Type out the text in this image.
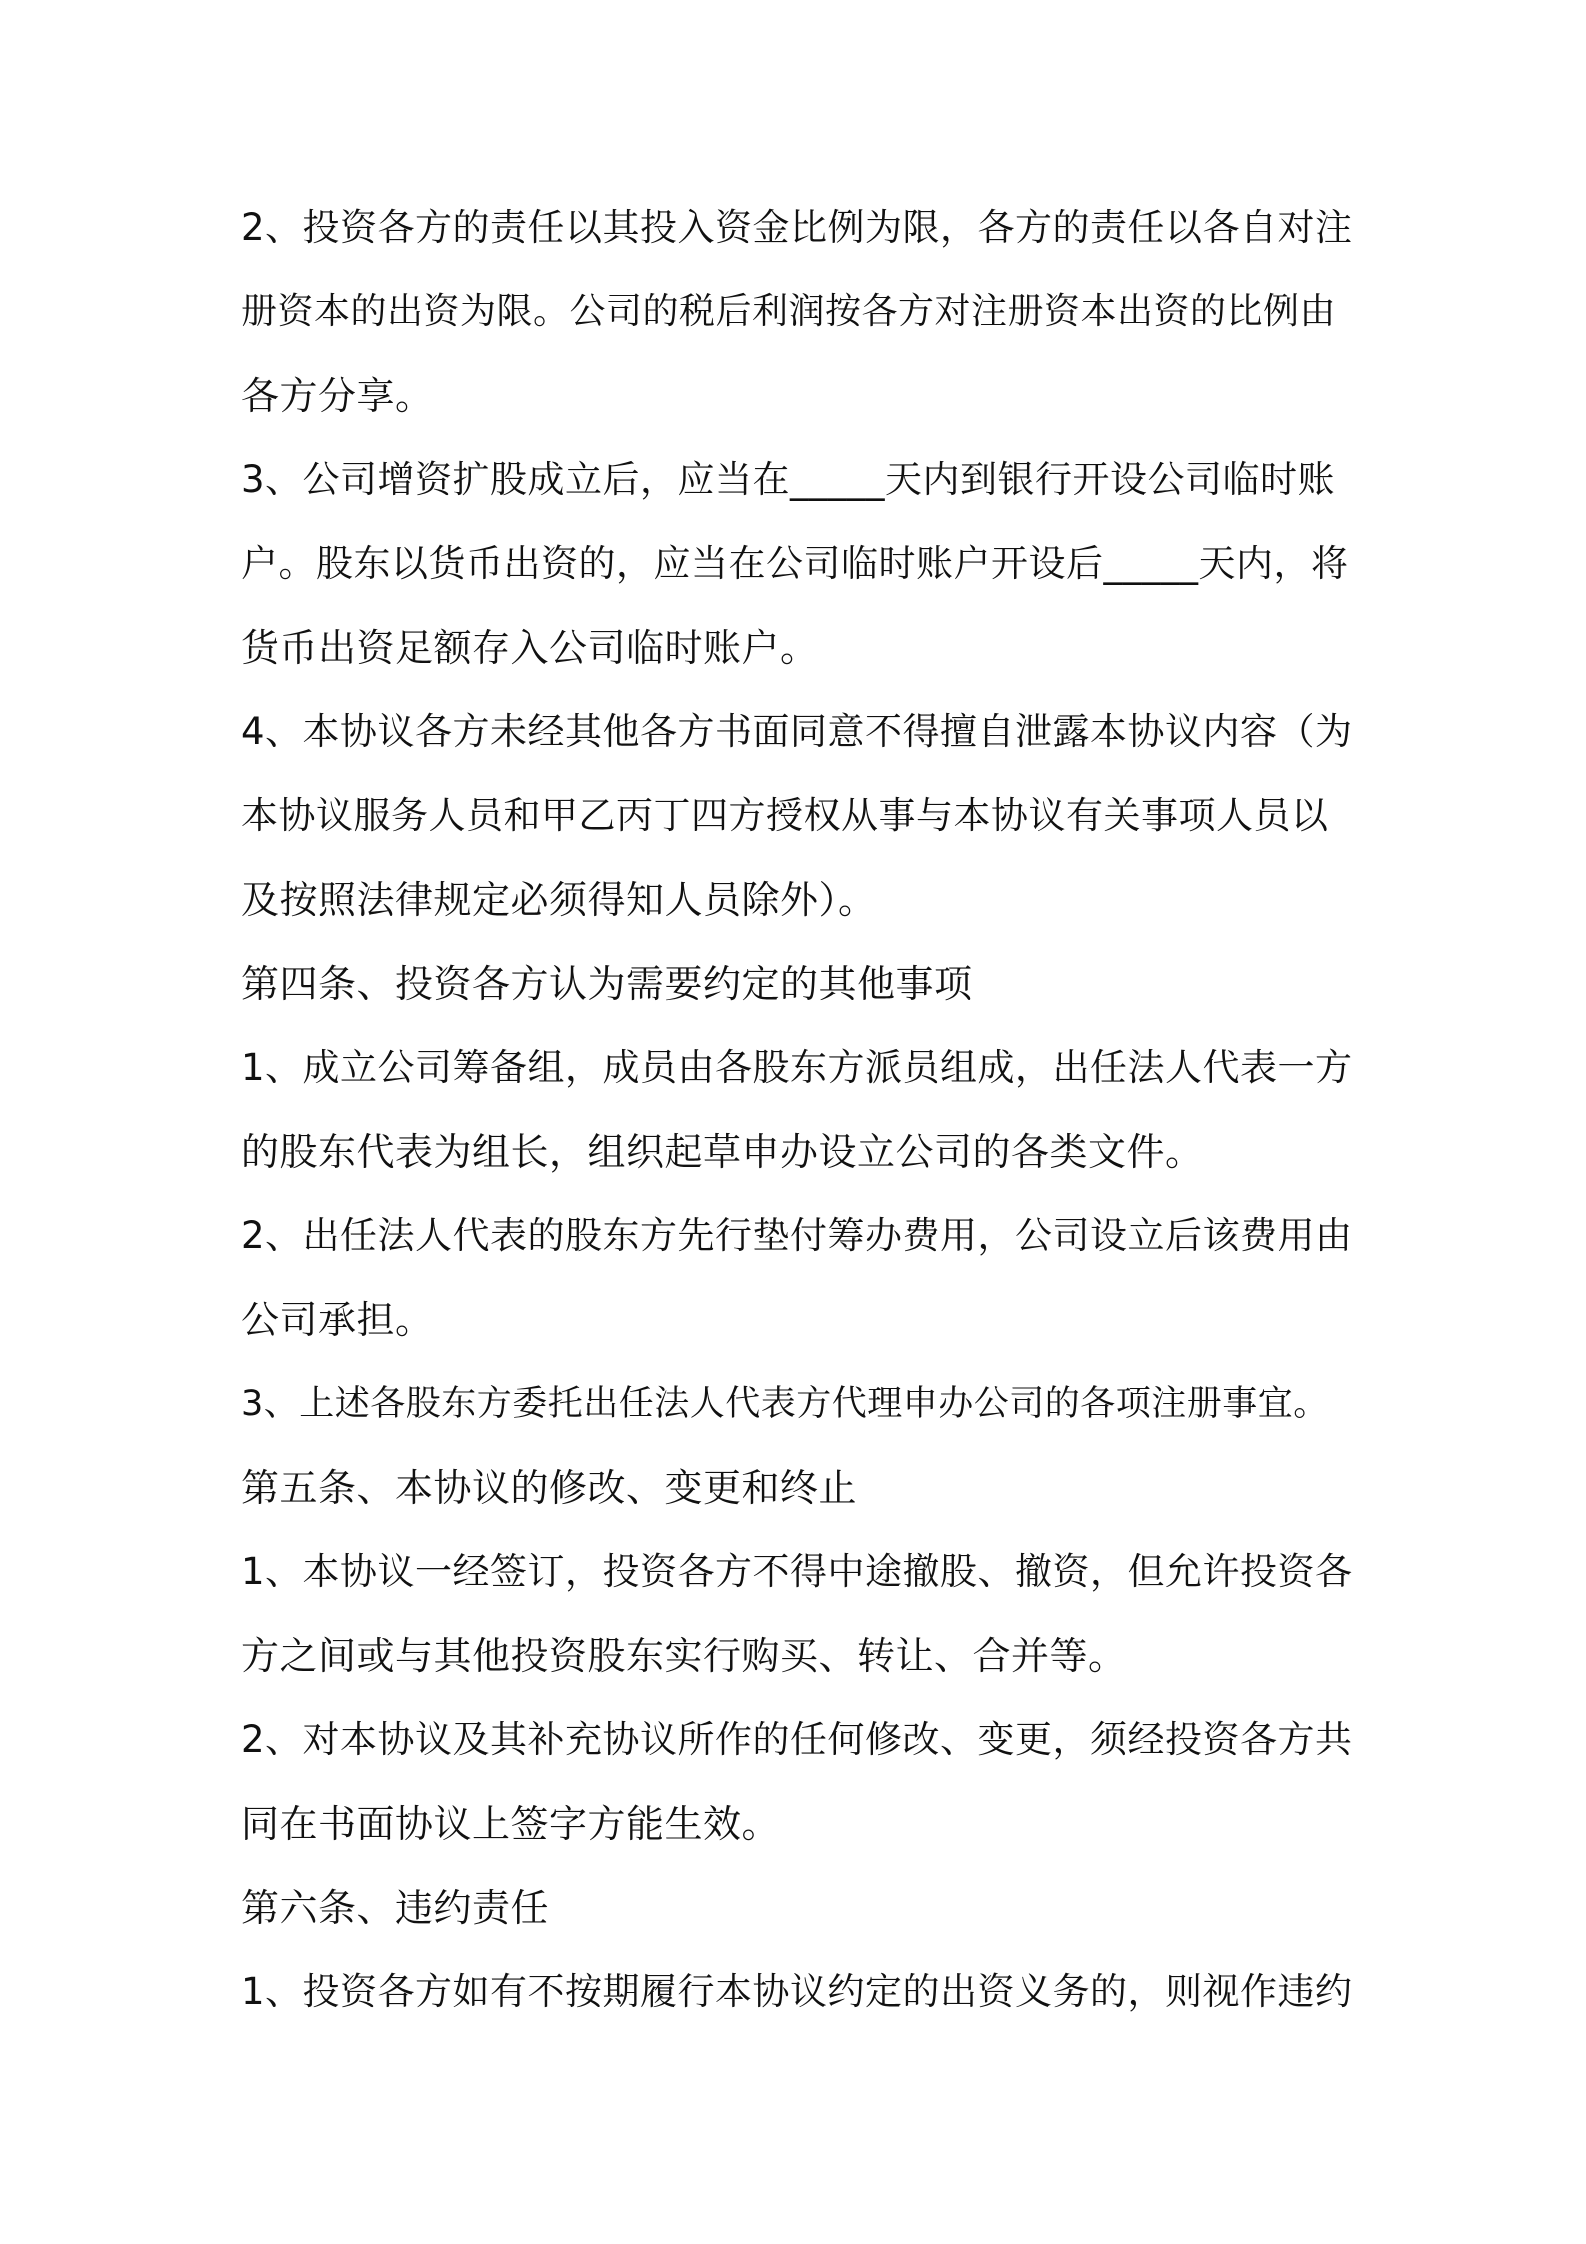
2、投资各方的责任以其投入资金比例为限，各方的责任以各自对注
册资本的出资为限。公司的税后利润按各方对注册资本出资的比例由
各方分享。
3、公司增资扩股成立后，应当在_____天内到银行开设公司临时账
户。股东以货币出资的，应当在公司临时账户开设后_____天内，将
货币出资足额存入公司临时账户。
4、本协议各方未经其他各方书面同意不得擅自泄露本协议内容（为
本协议服务人员和甲乙丙丁四方授权从事与本协议有关事项人员以
及按照法律规定必须得知人员除外）。
第四条、投资各方认为需要约定的其他事项
1、成立公司筹备组，成员由各股东方派员组成，出任法人代表一方
的股东代表为组长，组织起草申办设立公司的各类文件。
2、出任法人代表的股东方先行垫付筹办费用，公司设立后该费用由
公司承担。
3、上述各股东方委托出任法人代表方代理申办公司的各项注册事宜。
第五条、本协议的修改、变更和终止
1、本协议一经签订，投资各方不得中途撤股、撤资，但允许投资各
方之间或与其他投资股东实行购买、转让、合并等。
2、对本协议及其补充协议所作的任何修改、变更，须经投资各方共
同在书面协议上签字方能生效。
第六条、违约责任
1、投资各方如有不按期履行本协议约定的出资义务的，则视作违约
